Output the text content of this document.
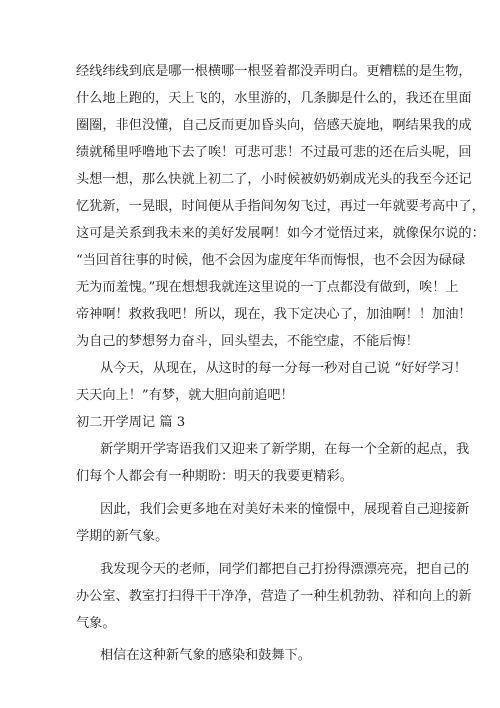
经线纬线到底是哪一根横哪一根竖着都没弄明白。更糟糕的是生物，
什么地上跑的，天上飞的，水里游的，几条脚是什么的，我还在里面
圈圈，非但没懂，自己反而更加昏头向，倍感天旋地，啊结果我的成
绩就稀里呼噜地下去了唉！可悲可悲！不过最可悲的还在后头呢，回
头想一想，那么快就上初二了，小时候被奶奶剃成光头的我至今还记
忆犹新，一晃眼，时间便从手指间匆匆飞过，再过一年就要考高中了，
这可是关系到我未来的美好发展啊！如今才觉悟过来，就像保尔说的：
“当回首往事的时候，他不会因为虚度年华而悔恨，也不会因为碌碌
无为而羞愧。”现在想想我就连这里说的一丁点都没有做到，唉！上
帝神啊！救救我吧！所以，现在，我下定决心了，加油啊！！加油！
为自己的梦想努力奋斗，回头望去，不能空虚，不能后悔！
从今天，从现在，从这时的每一分每一秒对自己说 “好好学习！
天天向上！”有梦，就大胆向前追吧！
初二开学周记 篇 3
新学期开学寄语我们又迎来了新学期，在每一个全新的起点，我
们每个人都会有一种期盼：明天的我要更精彩。
因此，我们会更多地在对美好未来的憧憬中，展现着自己迎接新
学期的新气象。
我发现今天的老师，同学们都把自己打扮得漂漂亮亮，把自己的
办公室、教室打扫得干干净净，营造了一种生机勃勃、祥和向上的新
气象。
相信在这种新气象的感染和鼓舞下。
